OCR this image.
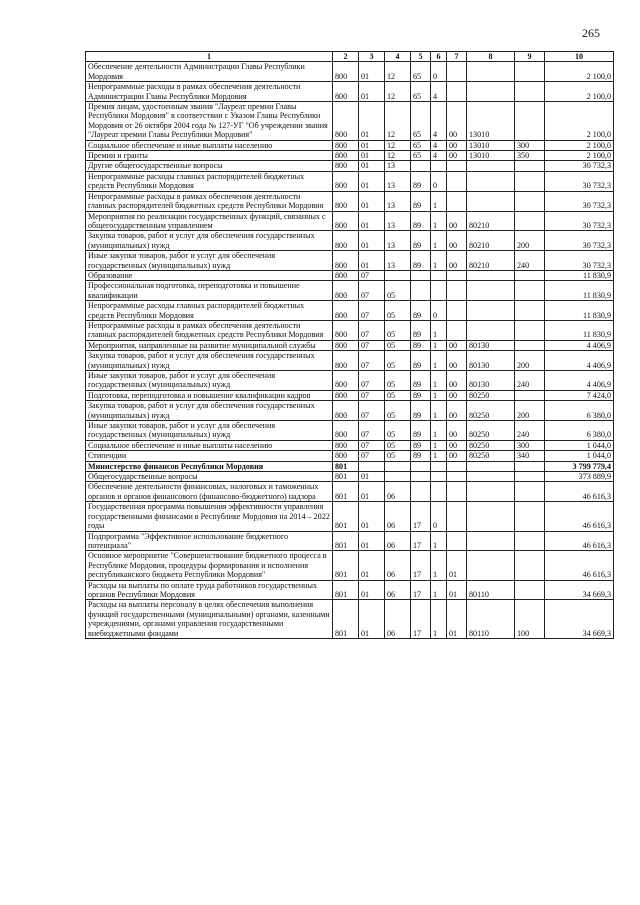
265
1	2	3	4	5	6	7	8	9	10
Обеспечение деятельности Администрации Главы Республики Мордовия	800	01	12	65	0				2 100,0
Непрограммные расходы в рамках обеспечения деятельности Администрации Главы Республики Мордовия	800	01	12	65	4				2 100,0
Премия лицам, удостоенным звания "Лауреат премии Главы Республики Мордовия" в соответствии с Указом Главы Республики Мордовия от 26 октября 2004 года № 127-УГ "Об учреждении звания "Лауреат премии Главы Республики Мордовия"	800	01	12	65	4	00	13010		2 100,0
Социальное обеспечение и иные выплаты населению	800	01	12	65	4	00	13010	300	2 100,0
Премии и гранты	800	01	12	65	4	00	13010	350	2 100,0
Другие общегосударственные вопросы	800	01	13						30 732,3
Непрограммные расходы главных распорядителей бюджетных средств Республики Мордовия	800	01	13	89	0				30 732,3
Непрограммные расходы в рамках обеспечения деятельности главных распорядителей бюджетных средств Республики Мордовия	800	01	13	89	1				30 732,3
Мероприятия по реализации государственных функций, связанных с общегосударственным управлением	800	01	13	89	1	00	80210		30 732,3
Закупка товаров, работ и услуг для обеспечения государственных (муниципальных) нужд	800	01	13	89	1	00	80210	200	30 732,3
Иные закупки товаров, работ и услуг для обеспечения государственных (муниципальных) нужд	800	01	13	89	1	00	80210	240	30 732,3
Образование	800	07							11 830,9
Профессиональная подготовка, переподготовка и повышение квалификации	800	07	05						11 830,9
Непрограммные расходы главных распорядителей бюджетных средств Республики Мордовия	800	07	05	89	0				11 830,9
Непрограммные расходы в рамках обеспечения деятельности главных распорядителей бюджетных средств Республики Мордовия	800	07	05	89	1				11 830,9
Мероприятия, направленные на развитие муниципальной службы	800	07	05	89	1	00	80130		4 406,9
Закупка товаров, работ и услуг для обеспечения государственных (муниципальных) нужд	800	07	05	89	1	00	80130	200	4 406,9
Иные закупки товаров, работ и услуг для обеспечения государственных (муниципальных) нужд	800	07	05	89	1	00	80130	240	4 406,9
Подготовка, переподготовка и повышение квалификации кадров	800	07	05	89	1	00	80250		7 424,0
Закупка товаров, работ и услуг для обеспечения государственных (муниципальных) нужд	800	07	05	89	1	00	80250	200	6 380,0
Иные закупки товаров, работ и услуг для обеспечения государственных (муниципальных) нужд	800	07	05	89	1	00	80250	240	6 380,0
Социальное обеспечение и иные выплаты населению	800	07	05	89	1	00	80250	300	1 044,0
Стипендии	800	07	05	89	1	00	80250	340	1 044,0
Министерство финансов Республики Мордовия	801								3 799 779,4
Общегосударственные вопросы	801	01							373 889,9
Обеспечение деятельности финансовых, налоговых и таможенных органов и органов финансового (финансово-бюджетного) надзора	801	01	06						46 616,3
Государственная программа повышения эффективности управления государственными финансами в Республике Мордовия на 2014 – 2022 годы	801	01	06	17	0				46 616,3
Подпрограмма "Эффективное использование бюджетного потенциала"	801	01	06	17	1				46 616,3
Основное мероприятие "Совершенствование бюджетного процесса в Республике Мордовия, процедуры формирования и исполнения республиканского бюджета Республики Мордовия"	801	01	06	17	1	01			46 616,3
Расходы на выплаты по оплате труда работников государственных органов Республики Мордовия	801	01	06	17	1	01	80110		34 669,3
Расходы на выплаты персоналу в целях обеспечения выполнения функций государственными (муниципальными) органами, казенными учреждениями, органами управления государственными внебюджетными фондами	801	01	06	17	1	01	80110	100	34 669,3
